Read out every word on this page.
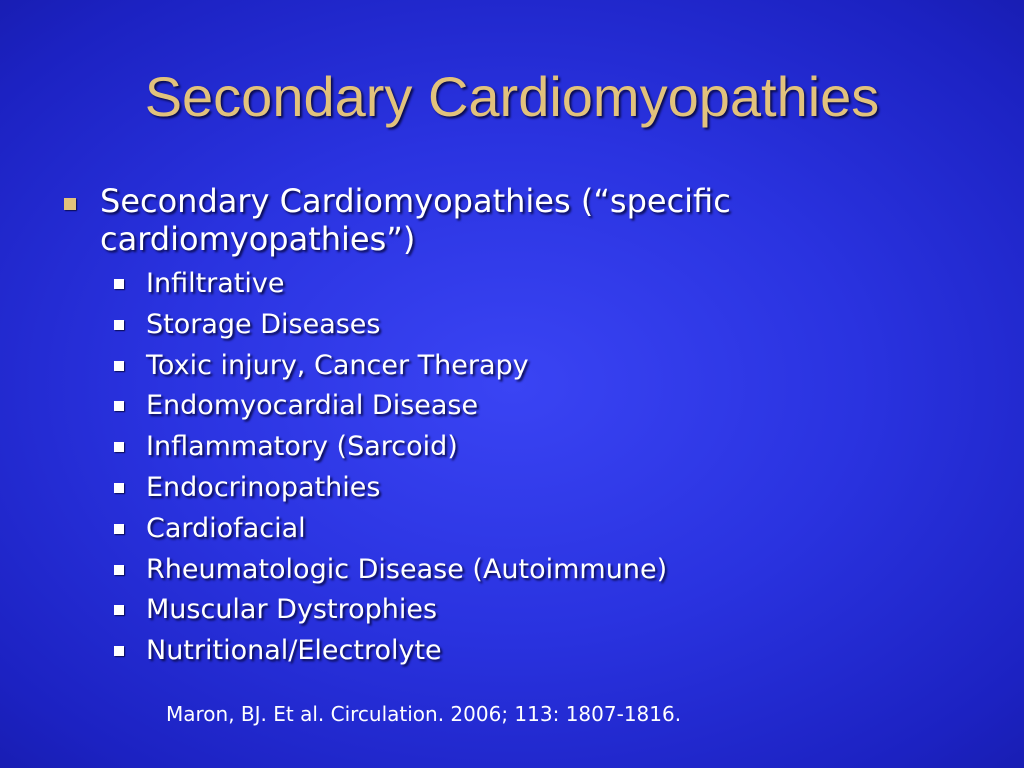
Secondary Cardiomyopathies
Secondary Cardiomyopathies (“specific cardiomyopathies”)
Infiltrative
Storage Diseases
Toxic injury, Cancer Therapy
Endomyocardial Disease
Inflammatory (Sarcoid)
Endocrinopathies
Cardiofacial
Rheumatologic Disease (Autoimmune)
Muscular Dystrophies
Nutritional/Electrolyte
Maron, BJ. Et al. Circulation. 2006; 113: 1807-1816.
